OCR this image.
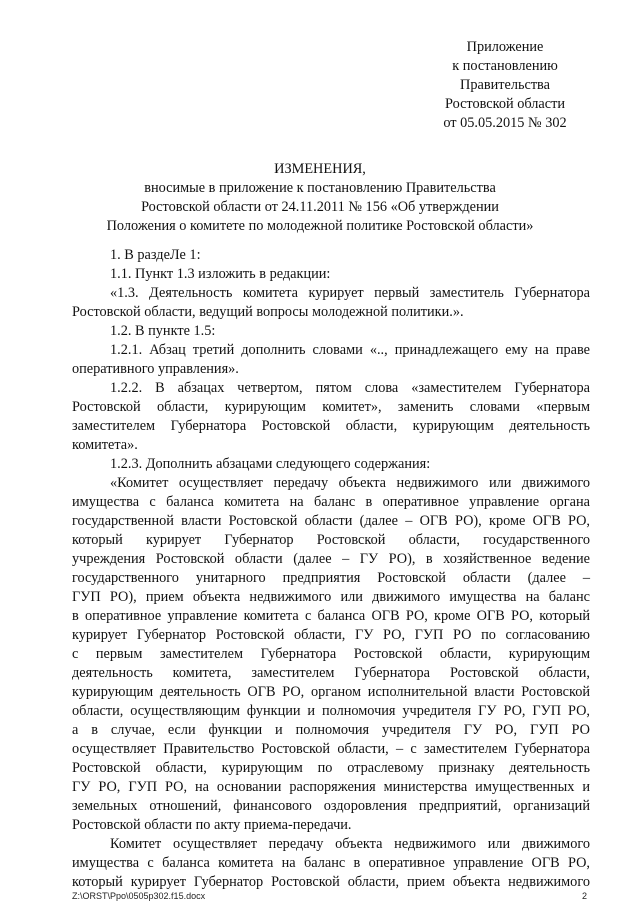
Приложение
к постановлению
Правительства
Ростовской области
от 05.05.2015 № 302
ИЗМЕНЕНИЯ,
вносимые в приложение к постановлению Правительства
Ростовской области от 24.11.2011 № 156 «Об утверждении
Положения о комитете по молодежной политике Ростовской области»
1. В раздеЛе 1:
1.1. Пункт 1.3 изложить в редакции:
«1.3. Деятельность комитета курирует первый заместитель Губернатора
Ростовской области, ведущий вопросы молодежной политики.».
1.2. В пункте 1.5:
1.2.1. Абзац третий дополнить словами «.., принадлежащего ему на праве
оперативного управления».
1.2.2. В абзацах четвертом, пятом слова «заместителем Губернатора
Ростовской области, курирующим комитет», заменить словами «первым
заместителем Губернатора Ростовской области, курирующим деятельность
комитета».
1.2.3. Дополнить абзацами следующего содержания:
«Комитет осуществляет передачу объекта недвижимого или движимого
имущества с баланса комитета на баланс в оперативное управление органа
государственной власти Ростовской области (далее – ОГВ РО), кроме ОГВ РО,
который курирует Губернатор Ростовской области, государственного
учреждения Ростовской области (далее – ГУ РО), в хозяйственное ведение
государственного унитарного предприятия Ростовской области (далее –
ГУП РО), прием объекта недвижимого или движимого имущества на баланс
в оперативное управление комитета с баланса ОГВ РО, кроме ОГВ РО, который
курирует Губернатор Ростовской области, ГУ РО, ГУП РО по согласованию
с первым заместителем Губернатора Ростовской области, курирующим
деятельность комитета, заместителем Губернатора Ростовской области,
курирующим деятельность ОГВ РО, органом исполнительной власти Ростовской
области, осуществляющим функции и полномочия учредителя ГУ РО, ГУП РО,
а в случае, если функции и полномочия учредителя ГУ РО, ГУП РО
осуществляет Правительство Ростовской области, – с заместителем Губернатора
Ростовской области, курирующим по отраслевому признаку деятельность
ГУ РО, ГУП РО, на основании распоряжения министерства имущественных и
земельных отношений, финансового оздоровления предприятий, организаций
Ростовской области по акту приема-передачи.
Комитет осуществляет передачу объекта недвижимого или движимого
имущества с баланса комитета на баланс в оперативное управление ОГВ РО,
который курирует Губернатор Ростовской области, прием объекта недвижимого
Z:\ORST\Ppo\0505p302.f15.docx	2
